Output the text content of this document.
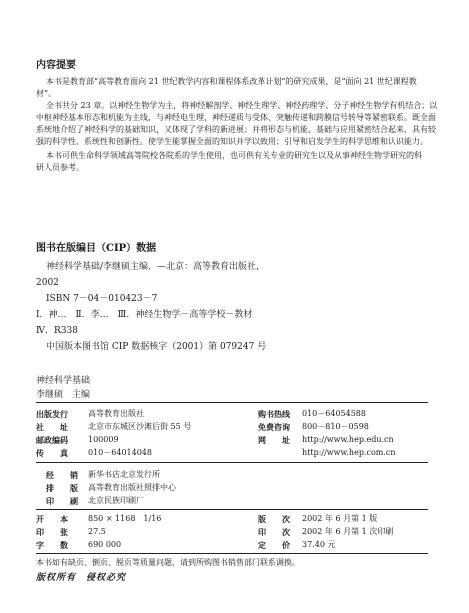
内容提要
本书是教育部“高等教育面向 21 世纪教学内容和课程体系改革计划”的研究成果，是“面向 21 世纪课程教
材”。
全书共分 23 章。以神经生物学为主，将神经解剖学、神经生理学、神经药理学、分子神经生物学有机结合；以
中枢神经基本形态和机能为主线，与神经电生理、神经递质与受体、突触传递和跨膜信号转导等紧密联系。既全面
系统地介绍了神经科学的基础知识，又体现了学科的新进展；并将形态与机能、基础与应用紧密结合起来，具有较
强的科学性、系统性和创新性。使学生能掌握全面的知识并学以致用；引导和启发学生的科学思维和认识能力。
本书可供生命科学领域高等院校各院系的学生使用，也可供有关专业的研究生以及从事神经生物学研究的科
研人员参考。
图书在版编目（CIP）数据
神经科学基础/李继硕主编．—北京：高等教育出版社，
2002
ISBN 7－04－010423－7
Ⅰ．神…　Ⅱ．李…　Ⅲ．神经生物学－高等学校－教材
Ⅳ．R338
中国版本图书馆 CIP 数据核字（2001）第 079247 号
神经科学基础
李继硕　主编
出版发行	高等教育出版社
社　　址	北京市东城区沙滩后街 55 号
邮政编码	100009
传　　真	010－64014048
购书热线 010－64054588
免费咨询 800－810－0598
网　　址 http://www.hep.edu.cn
http://www.hep.com.cn
经　　销 新华书店北京发行所
排　　版 高等教育出版社照排中心
印　　刷 北京民族印刷厂
开　　本	850 × 1168　1/16
印　　张	27.5
字　　数	690 000
版　　次 2002 年 6 月第 1 版
印　　次 2002 年 6 月第 1 次印刷
定　　价 37.40 元
本书如有缺页、倒页、脱页等质量问题，请到所购图书销售部门联系调换。
版权所有　侵权必究
